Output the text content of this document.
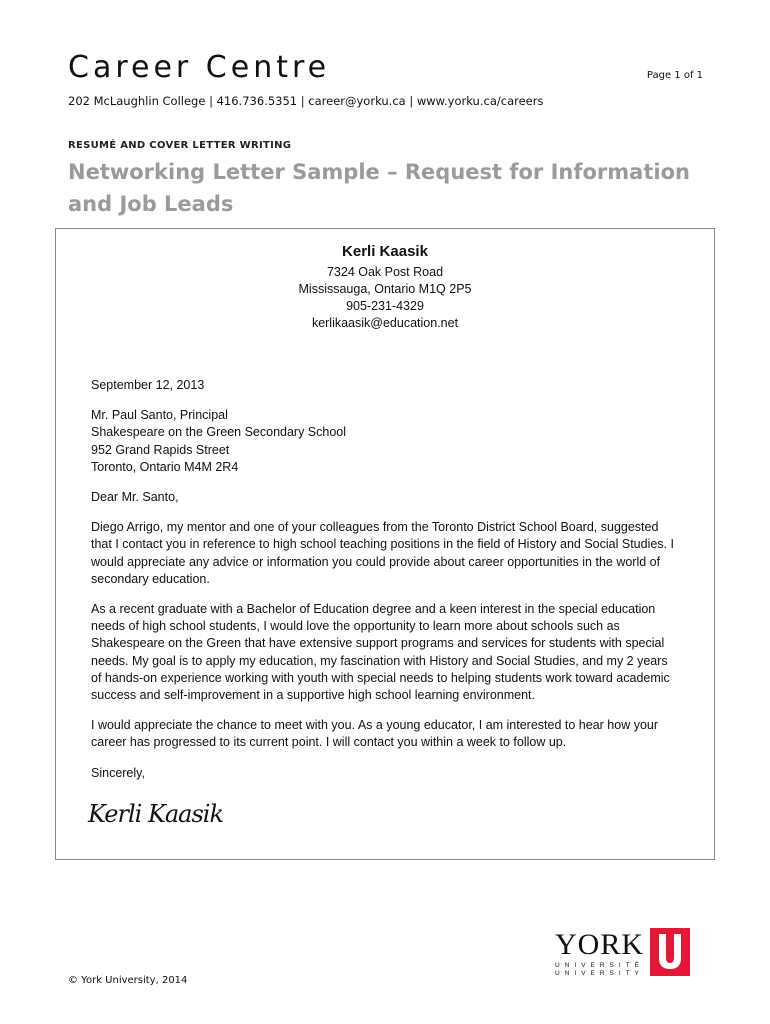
Career Centre	Page 1 of 1
202 McLaughlin College | 416.736.5351 | career@yorku.ca | www.yorku.ca/careers
RESUMÉ AND COVER LETTER WRITING
Networking Letter Sample – Request for Information and Job Leads
Kerli Kaasik
7324 Oak Post Road
Mississauga, Ontario M1Q 2P5
905-231-4329
kerlikaasik@education.net

September 12, 2013

Mr. Paul Santo, Principal
Shakespeare on the Green Secondary School
952 Grand Rapids Street
Toronto, Ontario M4M 2R4

Dear Mr. Santo,

Diego Arrigo, my mentor and one of your colleagues from the Toronto District School Board, suggested that I contact you in reference to high school teaching positions in the field of History and Social Studies. I would appreciate any advice or information you could provide about career opportunities in the world of secondary education.

As a recent graduate with a Bachelor of Education degree and a keen interest in the special education needs of high school students, I would love the opportunity to learn more about schools such as Shakespeare on the Green that have extensive support programs and services for students with special needs. My goal is to apply my education, my fascination with History and Social Studies, and my 2 years of hands-on experience working with youth with special needs to helping students work toward academic success and self-improvement in a supportive high school learning environment.

I would appreciate the chance to meet with you. As a young educator, I am interested to hear how your career has progressed to its current point. I will contact you within a week to follow up.

Sincerely,

Kerli Kaasik
© York University, 2014
YORK
UNIVERSITÉ
UNIVERSITY
